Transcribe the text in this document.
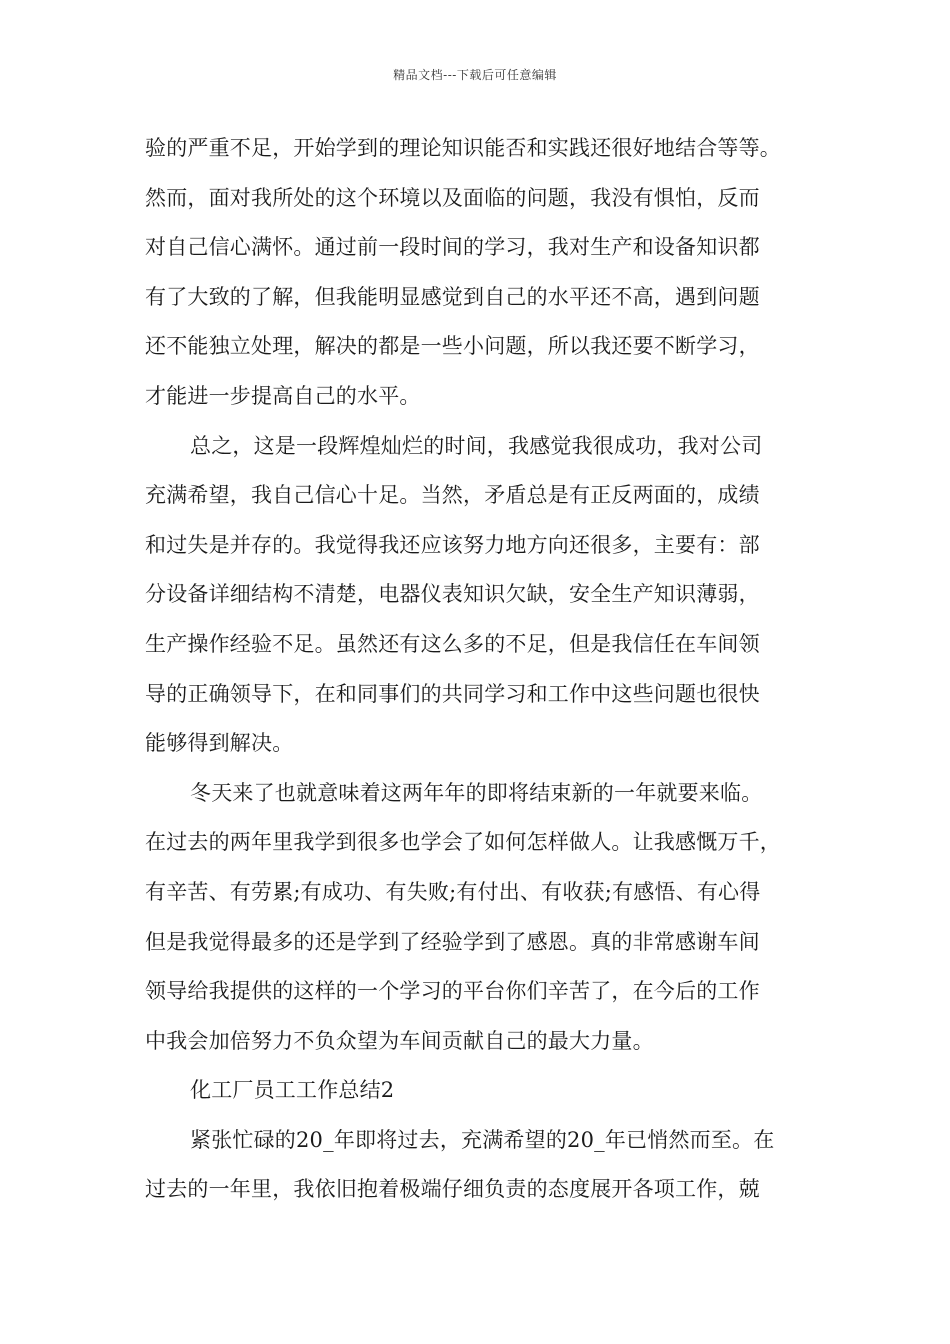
精品文档---下载后可任意编辑
验的严重不足，开始学到的理论知识能否和实践还很好地结合等等。
然而，面对我所处的这个环境以及面临的问题，我没有惧怕，反而
对自己信心满怀。通过前一段时间的学习，我对生产和设备知识都
有了大致的了解，但我能明显感觉到自己的水平还不高，遇到问题
还不能独立处理，解决的都是一些小问题，所以我还要不断学习，
才能进一步提高自己的水平。
总之，这是一段辉煌灿烂的时间，我感觉我很成功，我对公司
充满希望，我自己信心十足。当然，矛盾总是有正反两面的，成绩
和过失是并存的。我觉得我还应该努力地方向还很多，主要有：部
分设备详细结构不清楚，电器仪表知识欠缺，安全生产知识薄弱，
生产操作经验不足。虽然还有这么多的不足，但是我信任在车间领
导的正确领导下，在和同事们的共同学习和工作中这些问题也很快
能够得到解决。
冬天来了也就意味着这两年年的即将结束新的一年就要来临。
在过去的两年里我学到很多也学会了如何怎样做人。让我感慨万千，
有辛苦、有劳累;有成功、有失败;有付出、有收获;有感悟、有心得
但是我觉得最多的还是学到了经验学到了感恩。真的非常感谢车间
领导给我提供的这样的一个学习的平台你们辛苦了，在今后的工作
中我会加倍努力不负众望为车间贡献自己的最大力量。
化工厂员工工作总结2
紧张忙碌的20_年即将过去，充满希望的20_年已悄然而至。在
过去的一年里，我依旧抱着极端仔细负责的态度展开各项工作，兢
